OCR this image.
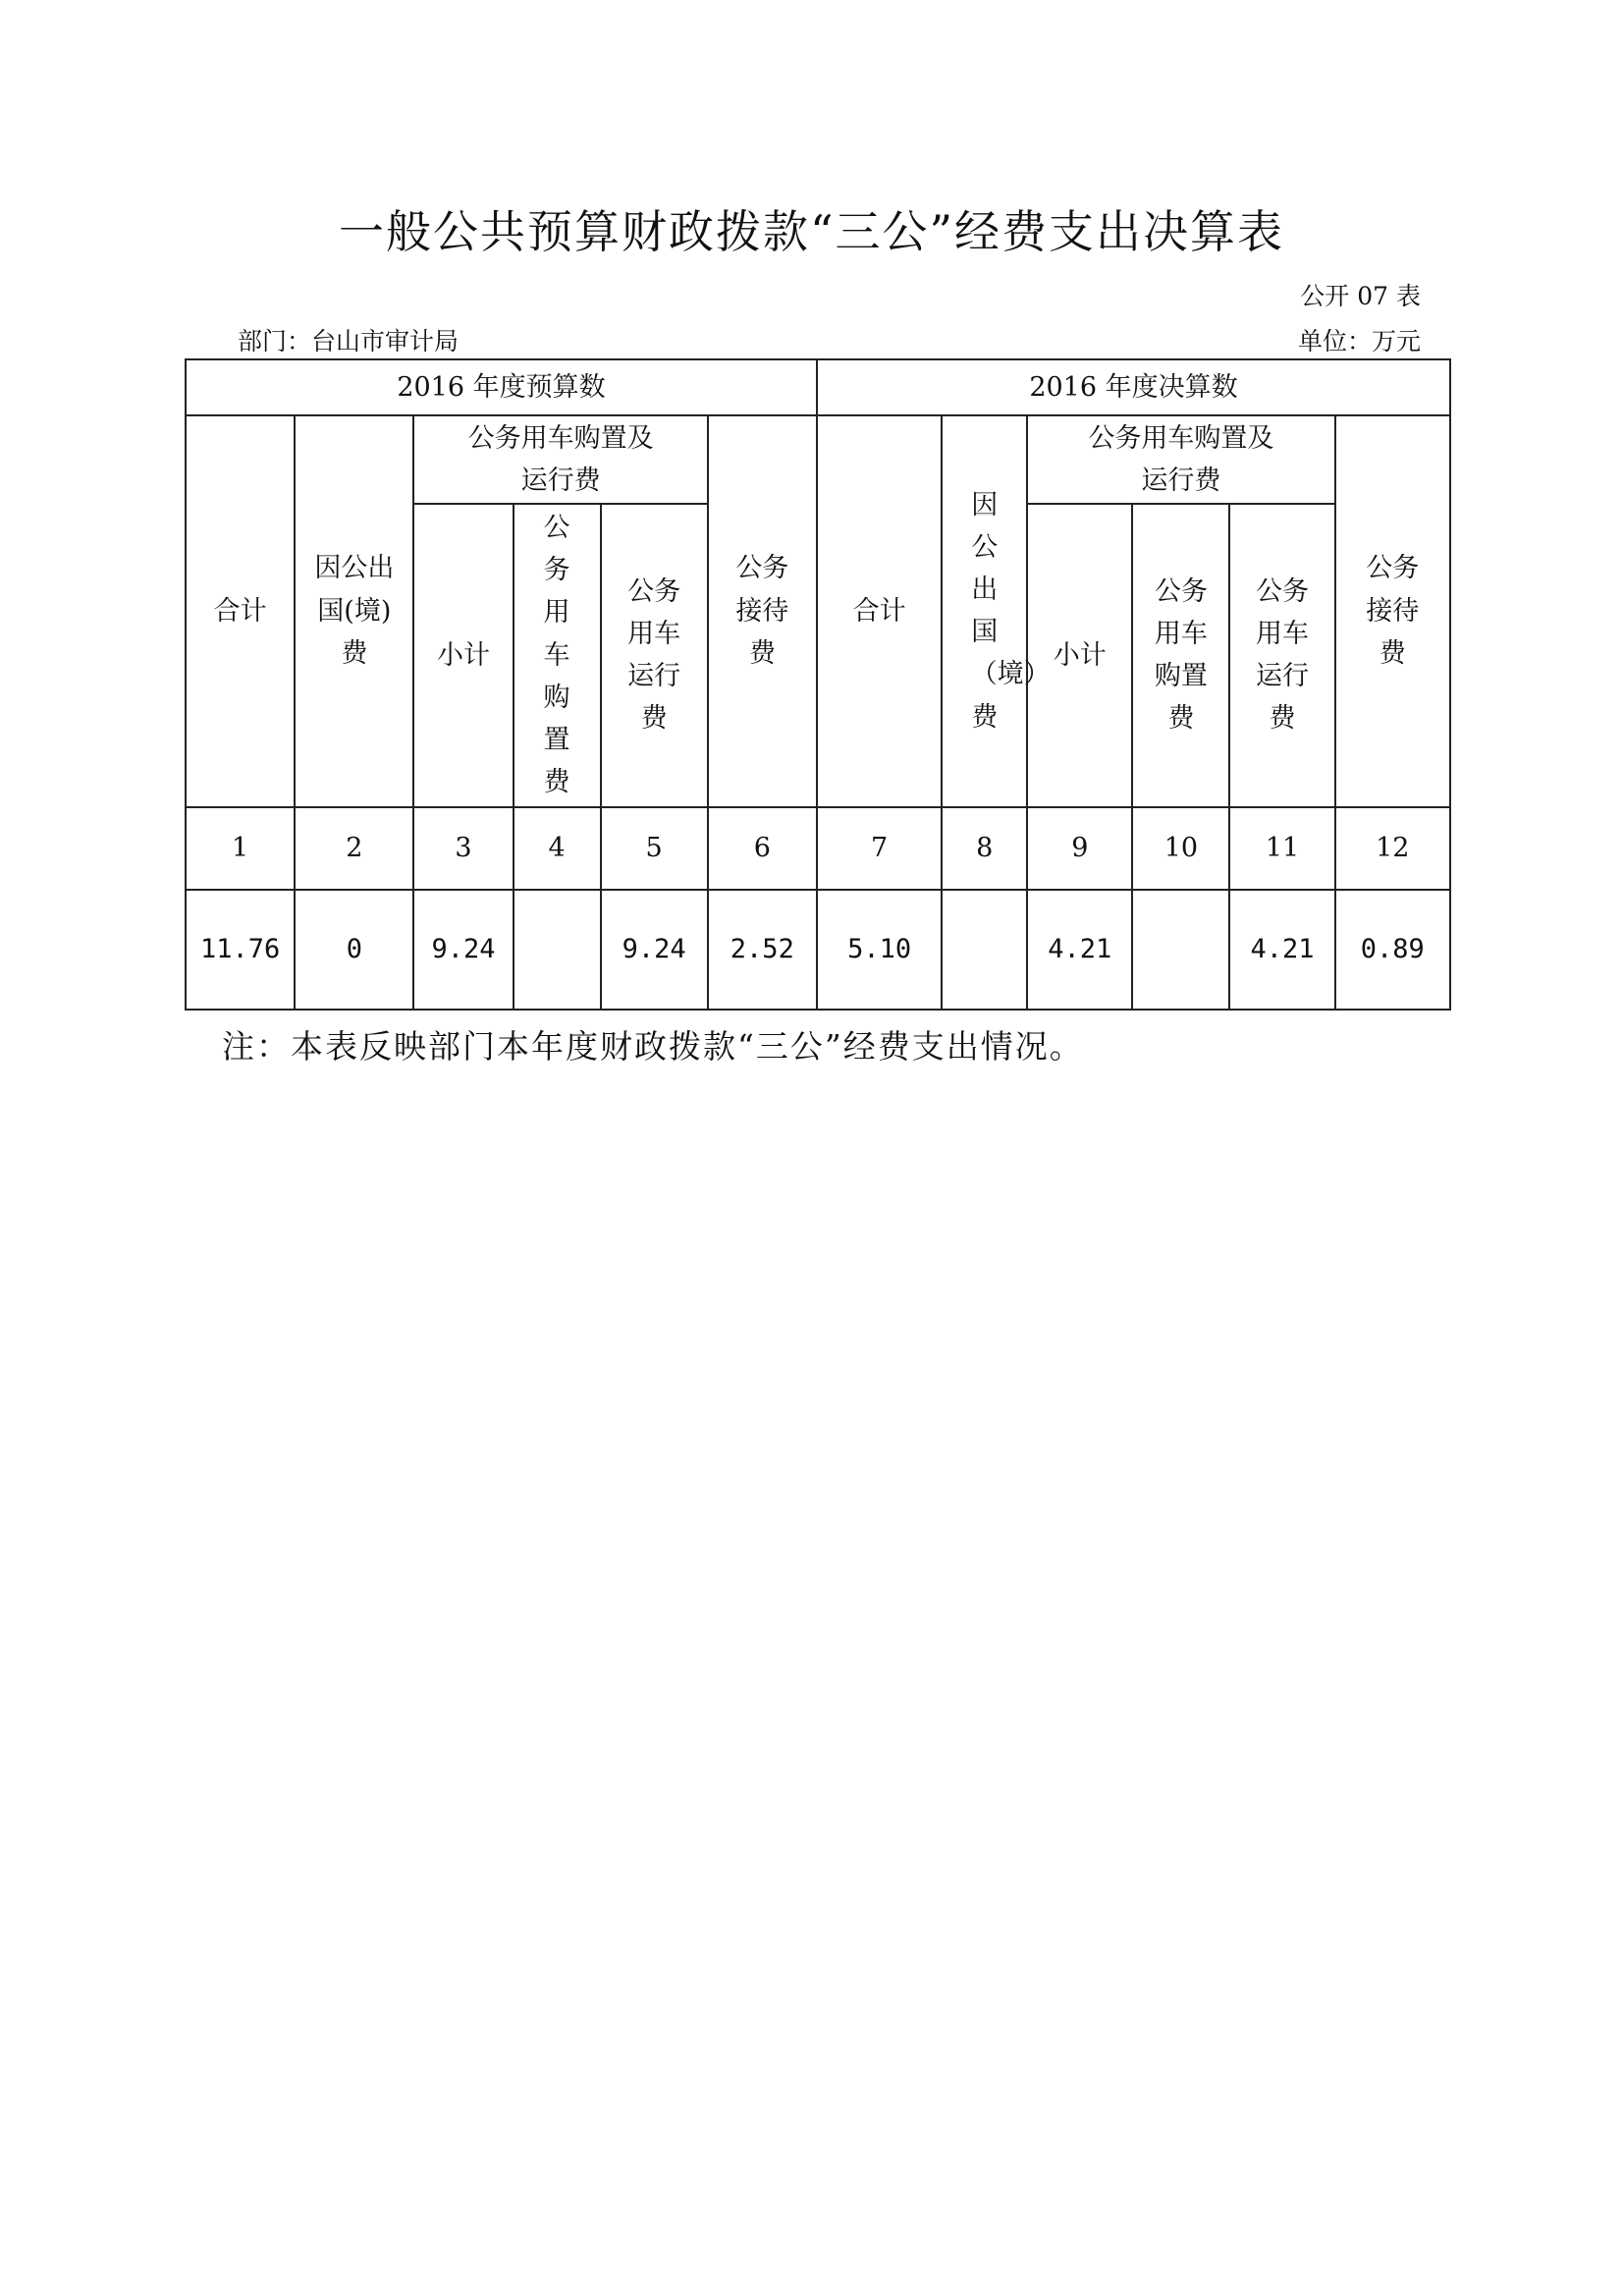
一般公共预算财政拨款“三公”经费支出决算表
公开 07 表
部门：台山市审计局	单位：万元
2016 年度预算数						2016 年度决算数					
合计	因公出国(境)费	公务用车购置及运行费			公务接待费	合计	因公出国（境）费	公务用车购置及运行费			公务接待费
		小计	公务用车购置费	公务用车运行费				小计	公务用车购置费	公务用车运行费	
1	2	3	4	5	6	7	8	9	10	11	12
11.76	0	9.24		9.24	2.52	5.10		4.21		4.21	0.89
注：本表反映部门本年度财政拨款“三公”经费支出情况。
